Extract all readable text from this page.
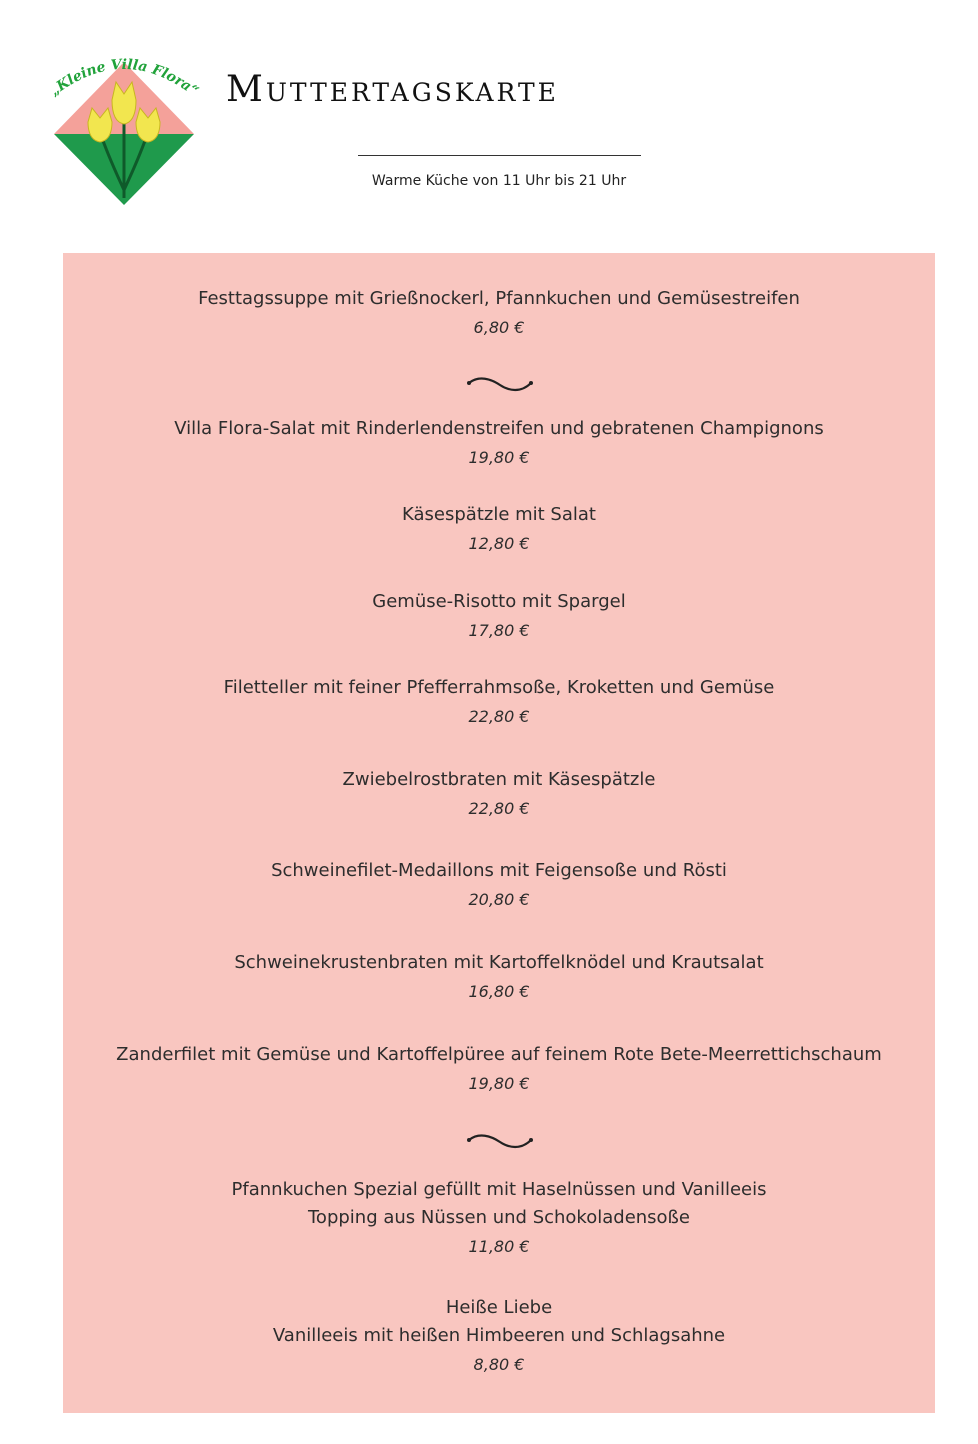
„Kleine Villa Flora“ Muttertagskarte
Warme Küche von 11 Uhr bis 21 Uhr
Festtagssuppe mit Grießnockerl, Pfannkuchen und Gemüsestreifen
6,80 €
Villa Flora-Salat mit Rinderlendenstreifen und gebratenen Champignons
19,80 €
Käsespätzle mit Salat
12,80 €
Gemüse-Risotto mit Spargel
17,80 €
Filetteller mit feiner Pfefferrahmsoße, Kroketten und Gemüse
22,80 €
Zwiebelrostbraten mit Käsespätzle
22,80 €
Schweinefilet-Medaillons mit Feigensoße und Rösti
20,80 €
Schweinekrustenbraten mit Kartoffelknödel und Krautsalat
16,80 €
Zanderfilet mit Gemüse und Kartoffelpüree auf feinem Rote Bete-Meerrettichschaum
19,80 €
Pfannkuchen Spezial gefüllt mit Haselnüssen und Vanilleeis
Topping aus Nüssen und Schokoladensoße
11,80 €
Heiße Liebe
Vanilleeis mit heißen Himbeeren und Schlagsahne
8,80 €
